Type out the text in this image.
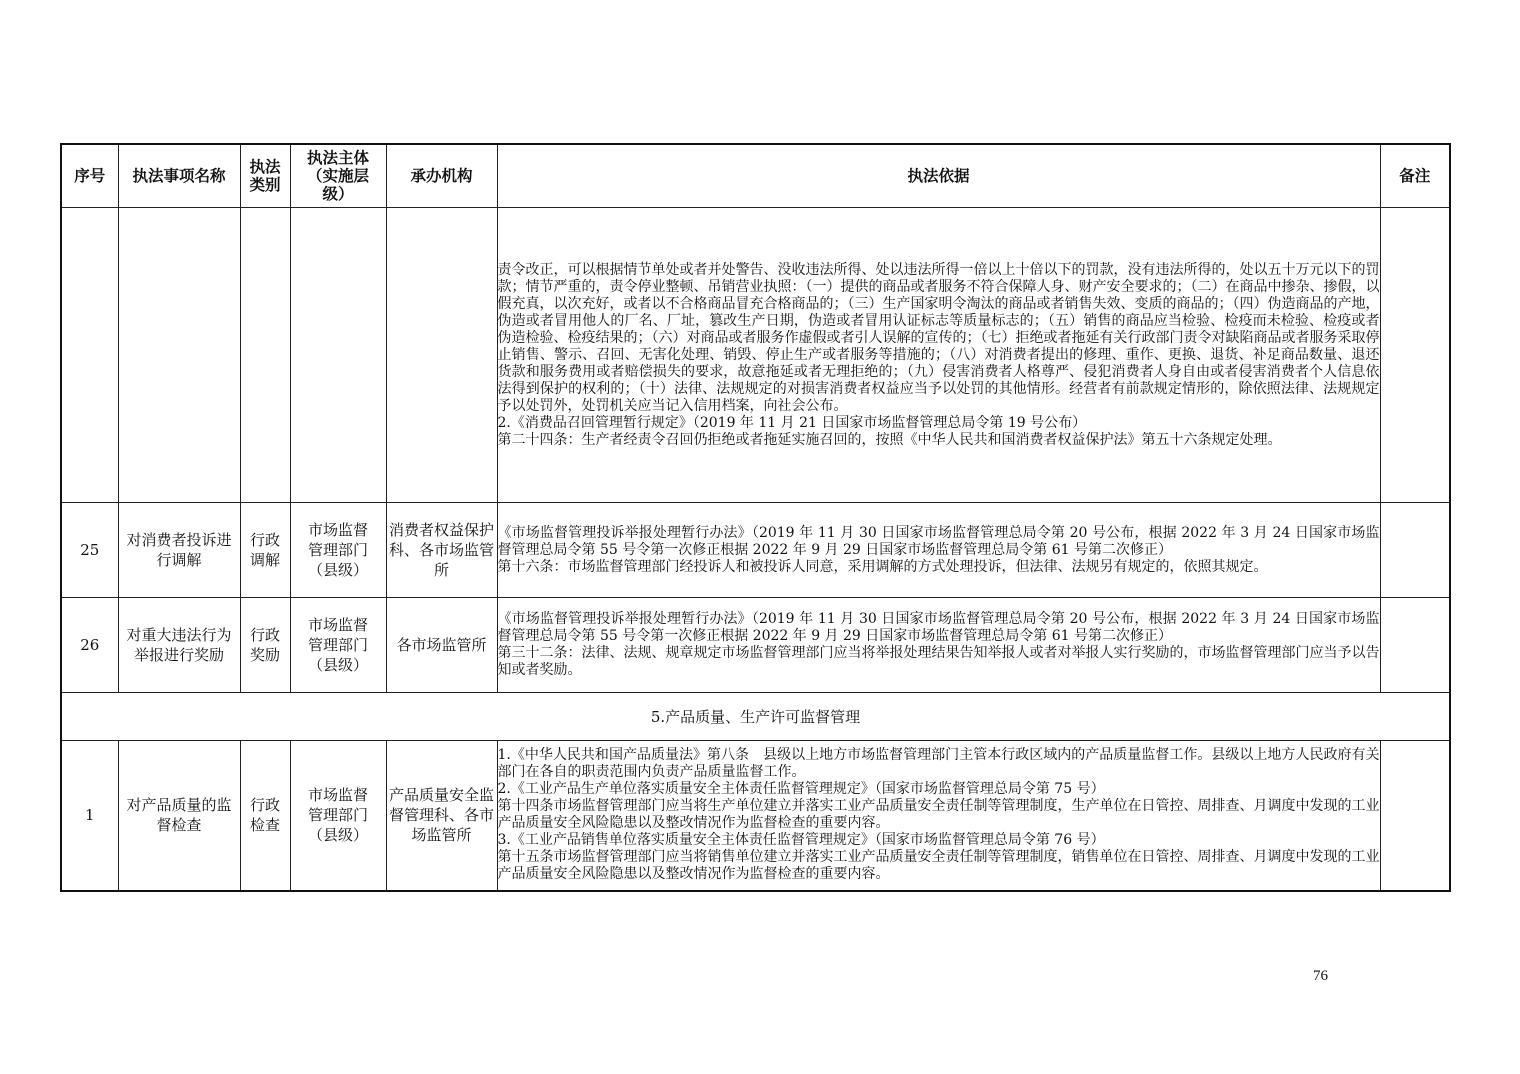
序号	执法事项名称	执法类别	执法主体（实施层级）	承办机构	执法依据	备注

					责令改正，可以根据情节单处或者并处警告、没收违法所得、处以违法所得一倍以上十倍以下的罚款，没有违法所得的，处以五十万元以下的罚款；情节严重的，责令停业整顿、吊销营业执照：（一）提供的商品或者服务不符合保障人身、财产安全要求的；（二）在商品中掺杂、掺假，以假充真，以次充好，或者以不合格商品冒充合格商品的；（三）生产国家明令淘汰的商品或者销售失效、变质的商品的；（四）伪造商品的产地，伪造或者冒用他人的厂名、厂址，篡改生产日期，伪造或者冒用认证标志等质量标志的；（五）销售的商品应当检验、检疫而未检验、检疫或者伪造检验、检疫结果的；（六）对商品或者服务作虚假或者引人误解的宣传的；（七）拒绝或者拖延有关行政部门责令对缺陷商品或者服务采取停止销售、警示、召回、无害化处理、销毁、停止生产或者服务等措施的；（八）对消费者提出的修理、重作、更换、退货、补足商品数量、退还货款和服务费用或者赔偿损失的要求，故意拖延或者无理拒绝的；（九）侵害消费者人格尊严、侵犯消费者人身自由或者侵害消费者个人信息依法得到保护的权利的；（十）法律、法规规定的对损害消费者权益应当予以处罚的其他情形。经营者有前款规定情形的，除依照法律、法规规定予以处罚外，处罚机关应当记入信用档案，向社会公布。

2.《消费品召回管理暂行规定》（2019 年 11 月 21 日国家市场监督管理总局令第 19 号公布）

第二十四条：生产者经责令召回仍拒绝或者拖延实施召回的，按照《中华人民共和国消费者权益保护法》第五十六条规定处理。	

25	对消费者投诉进行调解	行政调解	市场监督管理部门（县级）	消费者权益保护科、各市场监管所	《市场监督管理投诉举报处理暂行办法》（2019 年 11 月 30 日国家市场监督管理总局令第 20 号公布，根据 2022 年 3 月 24 日国家市场监督管理总局令第 55 号令第一次修正根据 2022 年 9 月 29 日国家市场监督管理总局令第 61 号第二次修正）

第十六条：市场监督管理部门经投诉人和被投诉人同意，采用调解的方式处理投诉，但法律、法规另有规定的，依照其规定。	

26	对重大违法行为举报进行奖励	行政奖励	市场监督管理部门（县级）	各市场监管所	《市场监督管理投诉举报处理暂行办法》（2019 年 11 月 30 日国家市场监督管理总局令第 20 号公布，根据 2022 年 3 月 24 日国家市场监督管理总局令第 55 号令第一次修正根据 2022 年 9 月 29 日国家市场监督管理总局令第 61 号第二次修正）

第三十二条：法律、法规、规章规定市场监督管理部门应当将举报处理结果告知举报人或者对举报人实行奖励的，市场监督管理部门应当予以告知或者奖励。	

5.产品质量、生产许可监督管理						
1	对产品质量的监督检查	行政检查	市场监督管理部门（县级）	产品质量安全监督管理科、各市场监管所	1.《中华人民共和国产品质量法》第八条　县级以上地方市场监督管理部门主管本行政区域内的产品质量监督工作。县级以上地方人民政府有关部门在各自的职责范围内负责产品质量监督工作。

2.《工业产品生产单位落实质量安全主体责任监督管理规定》（国家市场监督管理总局令第 75 号）

第十四条市场监督管理部门应当将生产单位建立并落实工业产品质量安全责任制等管理制度，生产单位在日管控、周排查、月调度中发现的工业产品质量安全风险隐患以及整改情况作为监督检查的重要内容。

3.《工业产品销售单位落实质量安全主体责任监督管理规定》（国家市场监督管理总局令第 76 号）

第十五条市场监督管理部门应当将销售单位建立并落实工业产品质量安全责任制等管理制度，销售单位在日管控、周排查、月调度中发现的工业产品质量安全风险隐患以及整改情况作为监督检查的重要内容。	

76
